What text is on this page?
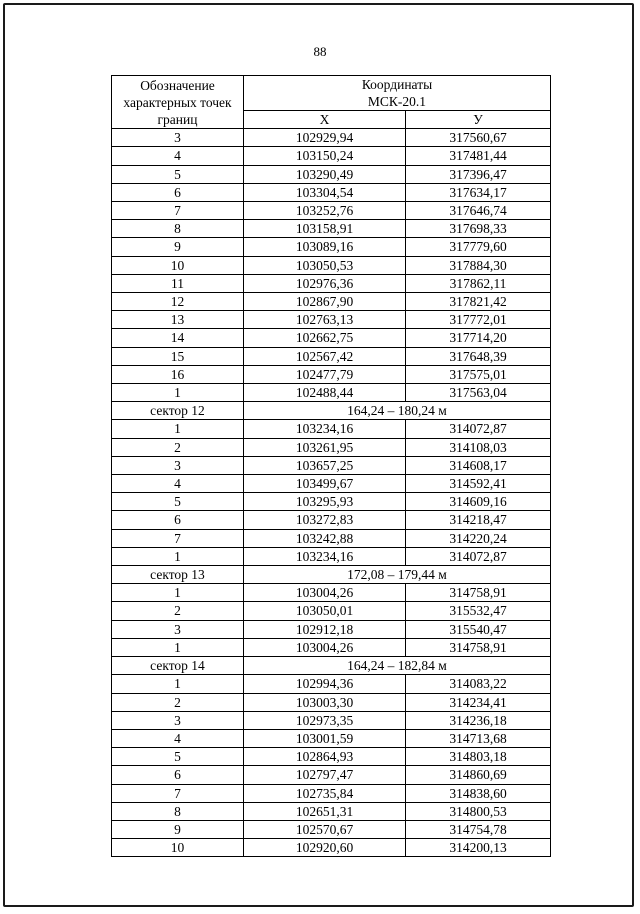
88
Обозначение характерных точек границ	Координаты
МСК-20.1	
	Х	У
3	102929,94	317560,67
4	103150,24	317481,44
5	103290,49	317396,47
6	103304,54	317634,17
7	103252,76	317646,74
8	103158,91	317698,33
9	103089,16	317779,60
10	103050,53	317884,30
11	102976,36	317862,11
12	102867,90	317821,42
13	102763,13	317772,01
14	102662,75	317714,20
15	102567,42	317648,39
16	102477,79	317575,01
1	102488,44	317563,04
сектор 12	164,24 – 180,24 м	
1	103234,16	314072,87
2	103261,95	314108,03
3	103657,25	314608,17
4	103499,67	314592,41
5	103295,93	314609,16
6	103272,83	314218,47
7	103242,88	314220,24
1	103234,16	314072,87
сектор 13	172,08 – 179,44 м	
1	103004,26	314758,91
2	103050,01	315532,47
3	102912,18	315540,47
1	103004,26	314758,91
сектор 14	164,24 – 182,84 м	
1	102994,36	314083,22
2	103003,30	314234,41
3	102973,35	314236,18
4	103001,59	314713,68
5	102864,93	314803,18
6	102797,47	314860,69
7	102735,84	314838,60
8	102651,31	314800,53
9	102570,67	314754,78
10	102920,60	314200,13
